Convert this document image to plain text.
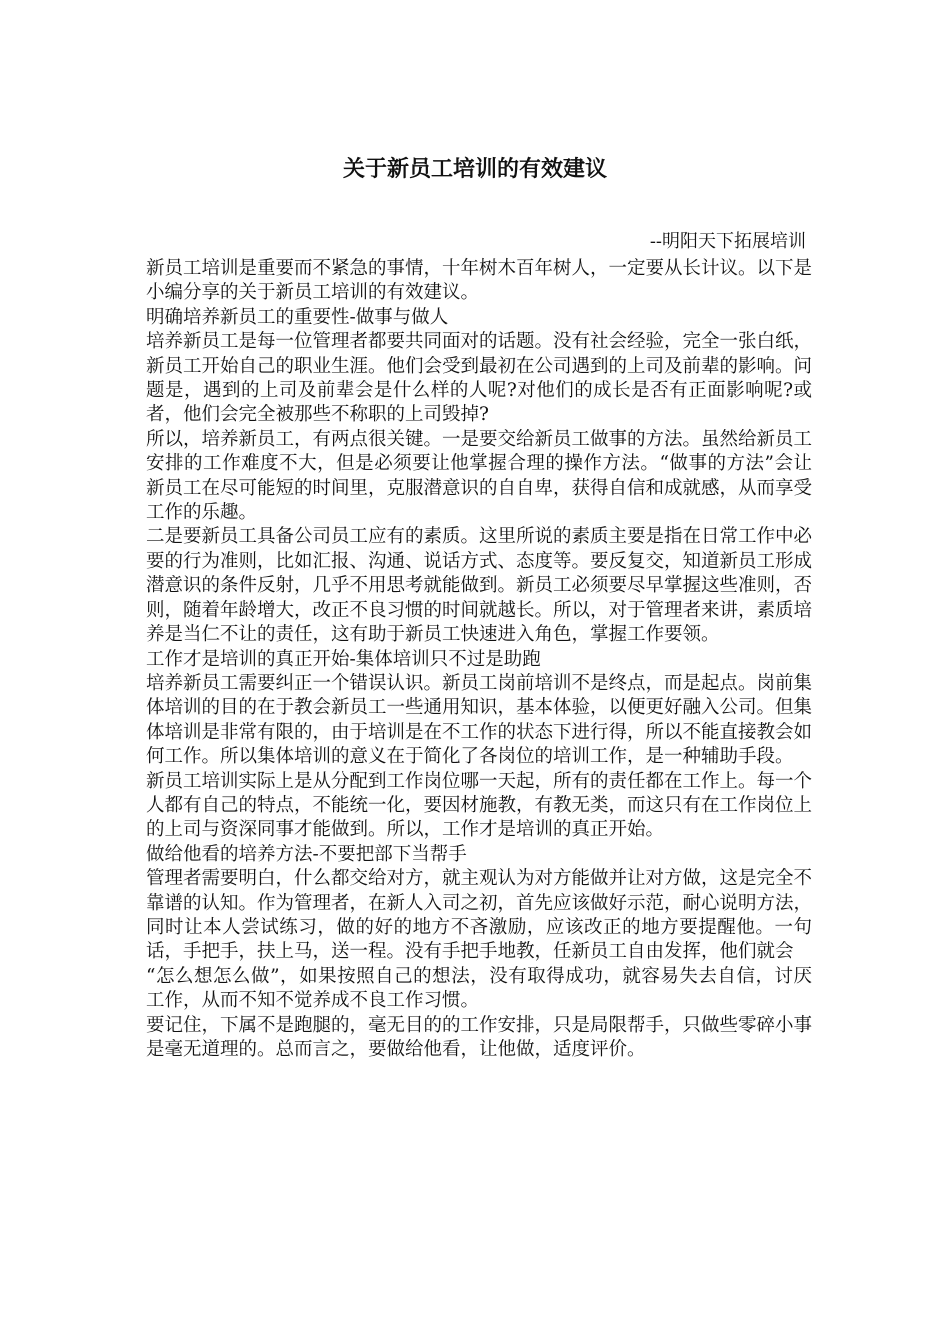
关于新员工培训的有效建议

--明阳天下拓展培训

新员工培训是重要而不紧急的事情，十年树木百年树人，一定要从长计议。以下是小编分享的关于新员工培训的有效建议。

明确培养新员工的重要性-做事与做人

培养新员工是每一位管理者都要共同面对的话题。没有社会经验，完全一张白纸，新员工开始自己的职业生涯。他们会受到最初在公司遇到的上司及前辈的影响。问题是，遇到的上司及前辈会是什么样的人呢?对他们的成长是否有正面影响呢?或者，他们会完全被那些不称职的上司毁掉?

所以，培养新员工，有两点很关键。一是要交给新员工做事的方法。虽然给新员工安排的工作难度不大，但是必须要让他掌握合理的操作方法。“做事的方法”会让新员工在尽可能短的时间里，克服潜意识的自自卑，获得自信和成就感，从而享受工作的乐趣。

二是要新员工具备公司员工应有的素质。这里所说的素质主要是指在日常工作中必要的行为准则，比如汇报、沟通、说话方式、态度等。要反复交，知道新员工形成潜意识的条件反射，几乎不用思考就能做到。新员工必须要尽早掌握这些准则，否则，随着年龄增大，改正不良习惯的时间就越长。所以，对于管理者来讲，素质培养是当仁不让的责任，这有助于新员工快速进入角色，掌握工作要领。

工作才是培训的真正开始-集体培训只不过是助跑

培养新员工需要纠正一个错误认识。新员工岗前培训不是终点，而是起点。岗前集体培训的目的在于教会新员工一些通用知识，基本体验，以便更好融入公司。但集体培训是非常有限的，由于培训是在不工作的状态下进行得，所以不能直接教会如何工作。所以集体培训的意义在于简化了各岗位的培训工作，是一种辅助手段。

新员工培训实际上是从分配到工作岗位哪一天起，所有的责任都在工作上。每一个人都有自己的特点，不能统一化，要因材施教，有教无类，而这只有在工作岗位上的上司与资深同事才能做到。所以，工作才是培训的真正开始。

做给他看的培养方法-不要把部下当帮手

管理者需要明白，什么都交给对方，就主观认为对方能做并让对方做，这是完全不靠谱的认知。作为管理者，在新人入司之初，首先应该做好示范，耐心说明方法，同时让本人尝试练习，做的好的地方不吝激励，应该改正的地方要提醒他。一句话，手把手，扶上马，送一程。没有手把手地教，任新员工自由发挥，他们就会

“怎么想怎么做”，如果按照自己的想法，没有取得成功，就容易失去自信，讨厌工作，从而不知不觉养成不良工作习惯。

要记住，下属不是跑腿的，毫无目的的工作安排，只是局限帮手，只做些零碎小事是毫无道理的。总而言之，要做给他看，让他做，适度评价。
